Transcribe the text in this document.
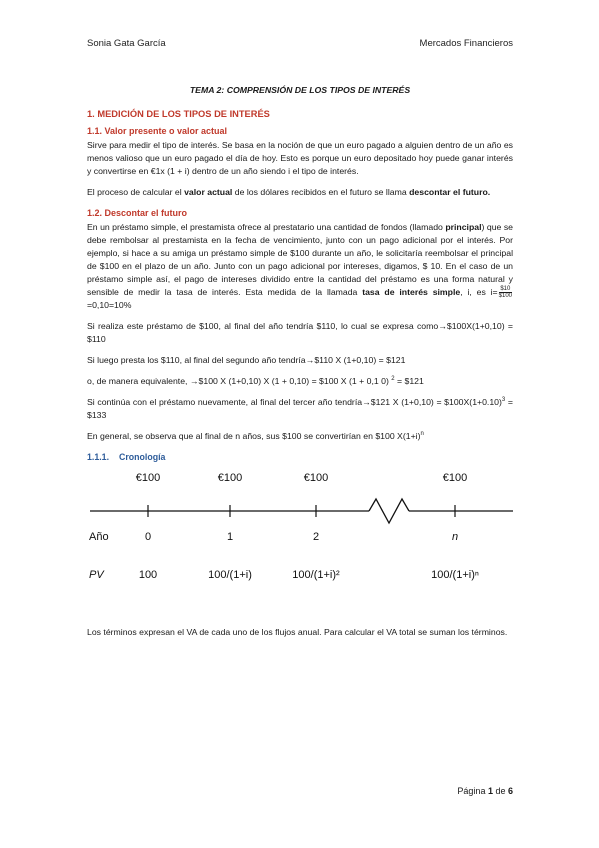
Sonia Gata García	Mercados Financieros
TEMA 2: COMPRENSIÓN DE LOS TIPOS DE INTERÉS
1. MEDICIÓN DE LOS TIPOS DE INTERÉS
1.1. Valor presente o valor actual

Sirve para medir el tipo de interés. Se basa en la noción de que un euro pagado a alguien dentro de un año es menos valioso que un euro pagado el día de hoy. Esto es porque un euro depositado hoy puede ganar interés y convertirse en €1x (1 + i) dentro de un año siendo i el tipo de interés.

El proceso de calcular el valor actual de los dólares recibidos en el futuro se llama descontar el futuro.

1.2. Descontar el futuro

En un préstamo simple, el prestamista ofrece al prestatario una cantidad de fondos (llamado principal) que se debe rembolsar al prestamista en la fecha de vencimiento, junto con un pago adicional por el interés. Por ejemplo, si hace a su amiga un préstamo simple de $100 durante un año, le solicitaría reembolsar el principal de $100 en el plazo de un año. Junto con un pago adicional por intereses, digamos, $ 10. En el caso de un préstamo simple así, el pago de intereses dividido entre la cantidad del préstamo es una forma natural y sensible de medir la tasa de interés. Esta medida de la llamada tasa de interés simple, i, es $i= \frac{\$10}{\$100}$
=0,10=10%

Si realiza este préstamo de $100, al final del año tendría $110, lo cual se expresa como→$100X(1+0,10) = $110

Si luego presta los $110, al final del segundo año tendría→$110 X (1+0,10) = $121

o, de manera equivalente, →$100 X (1+0,10) X (1 + 0,10) = $100 X (1 + 0,1 0) $^2$ = $121

Si continúa con el préstamo nuevamente, al final del tercer año tendría→$121 X $(1+0,10) = \$100X(1+0.10)^3$ = $133

En general, se observa que al final de n años, sus $100 se convertirían en $100 $X(1+i)^n$

1.1.1. Cronología
€100	€100	€100	€100
Año	0	1	2	n
PV	100	100/(1+i)	100/(1+i)²	100/(1+i)ⁿ

Los términos expresan el VA de cada uno de los flujos anual. Para calcular el VA total se suman los términos.

Página 1 de 6
